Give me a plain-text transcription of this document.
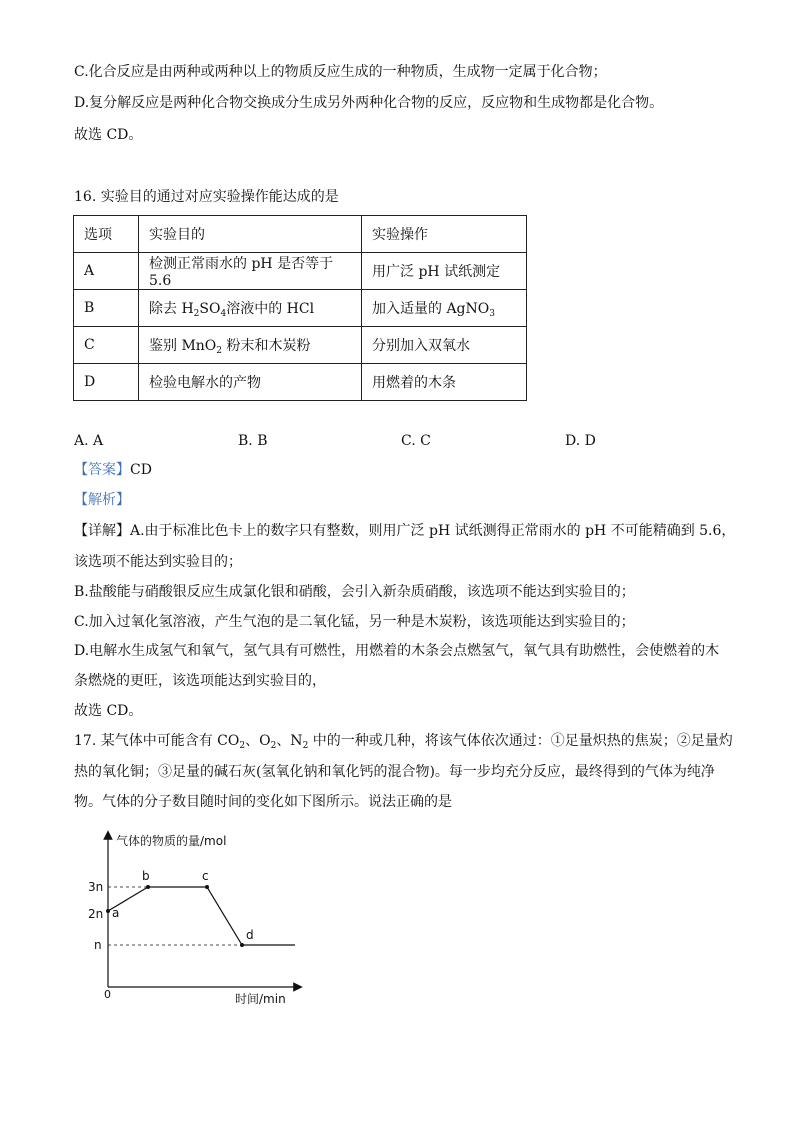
C.化合反应是由两种或两种以上的物质反应生成的一种物质，生成物一定属于化合物；
D.复分解反应是两种化合物交换成分生成另外两种化合物的反应，反应物和生成物都是化合物。
故选 CD。
16. 实验目的通过对应实验操作能达成的是
选项	实验目的	实验操作
A	检测正常雨水的 pH 是否等于 5.6	用广泛 pH 试纸测定
B	除去 $H_2SO_4$溶液中的 HCl	加入适量的 AgNO$_3$
C	鉴别 MnO$_2$ 粉末和木炭粉	分别加入双氧水
D	检验电解水的产物	用燃着的木条
A. A	B. B	C. C	D. D
【答案】CD
【解析】
【详解】A.由于标准比色卡上的数字只有整数，则用广泛 pH 试纸测得正常雨水的 pH 不可能精确到 5.6，
该选项不能达到实验目的；
B.盐酸能与硝酸银反应生成氯化银和硝酸，会引入新杂质硝酸，该选项不能达到实验目的；
C.加入过氧化氢溶液，产生气泡的是二氧化锰，另一种是木炭粉，该选项能达到实验目的；
D.电解水生成氢气和氧气，氢气具有可燃性，用燃着的木条会点燃氢气，氧气具有助燃性，会使燃着的木
条燃烧的更旺，该选项能达到实验目的，
故选 CD。
17. 某气体中可能含有 $CO_2$、$O_2$、$N_2$ 中的一种或几种，将该气体依次通过：①足量炽热的焦炭；②足量灼
热的氧化铜；③足量的碱石灰(氢氧化钠和氧化钙的混合物)。每一步均充分反应，最终得到的气体为纯净
物。气体的分子数目随时间的变化如下图所示。说法正确的是
气体的物质的量/mol
时间/min
0
3n
2n
n
a
b	c
d
